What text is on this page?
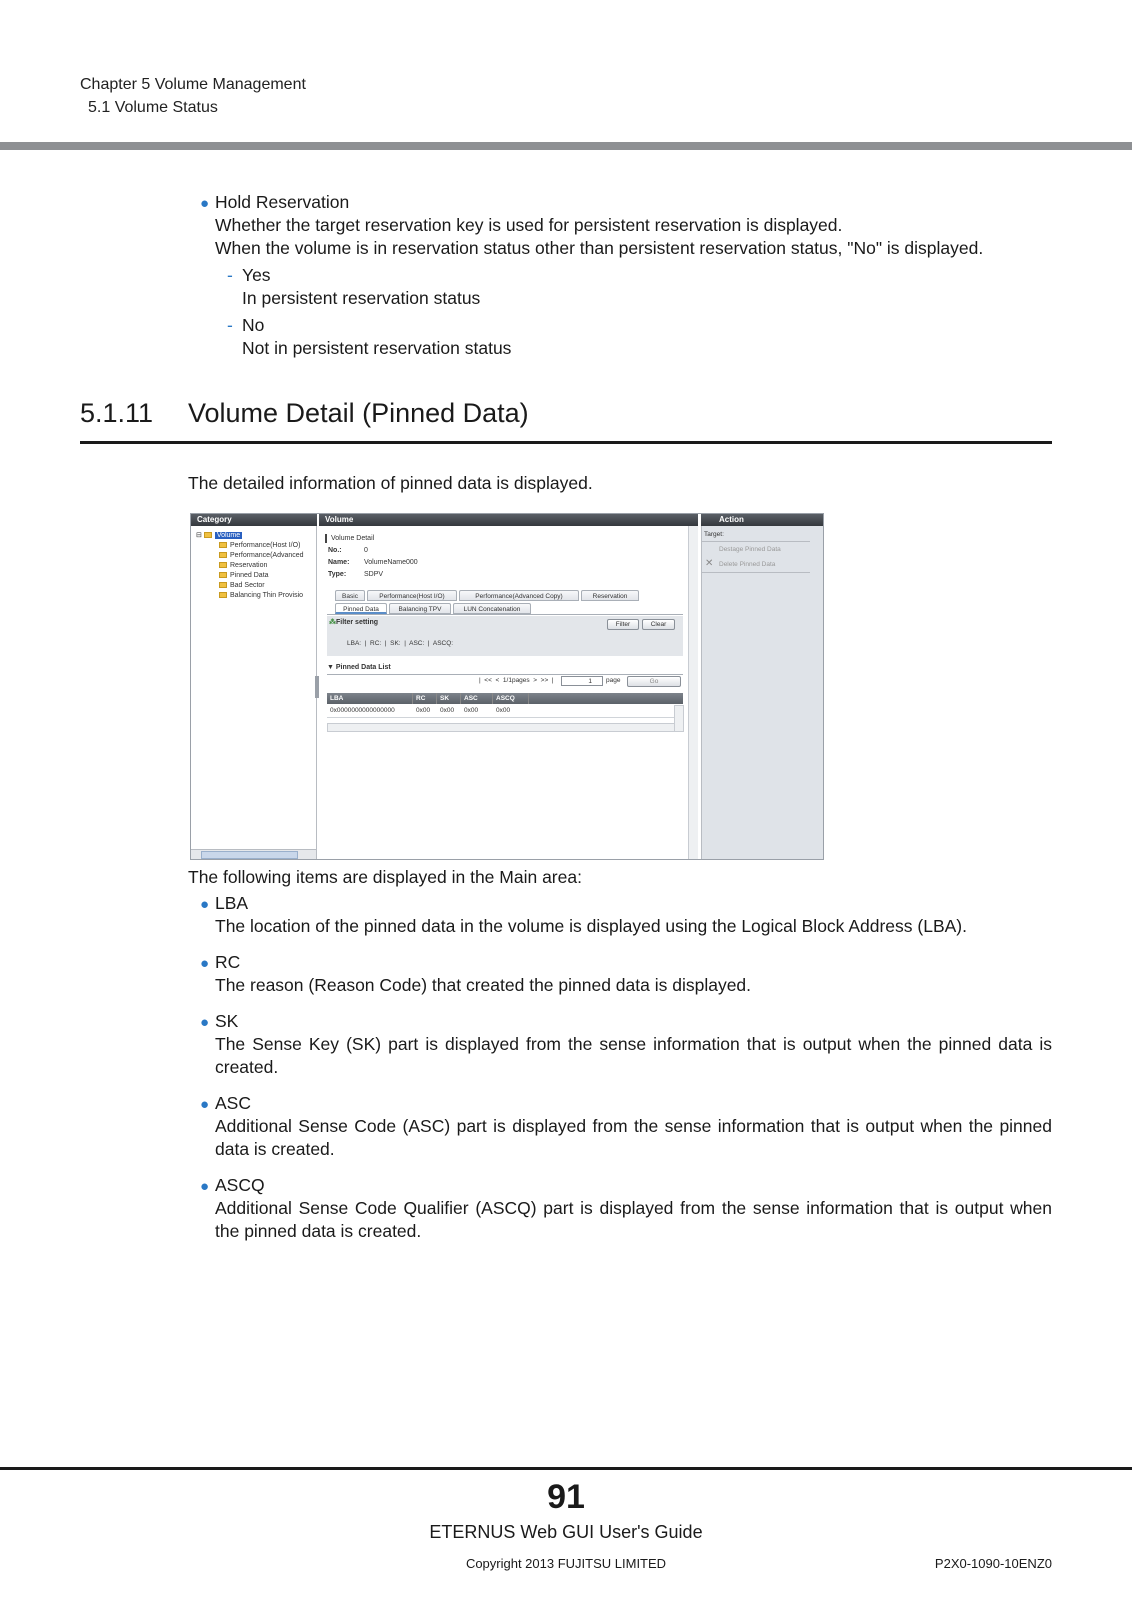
Chapter 5 Volume Management
5.1 Volume Status
● Hold Reservation
Whether the target reservation key is used for persistent reservation is displayed.
When the volume is in reservation status other than persistent reservation status, "No" is displayed.
- Yes
In persistent reservation status
- No
Not in persistent reservation status
5.1.11 Volume Detail (Pinned Data)
The detailed information of pinned data is displayed.
Category	Volume	Action
⊟ Volume
Performance(Host I/O)
Performance(Advanced
Reservation
Pinned Data
Bad Sector
Balancing Thin Provisio
Volume Detail
No.:	0
Name: VolumeName000
Type:	SDPV
Basic	Performance(Host I/O)	Performance(Advanced Copy)	Reservation
Pinned Data	Balancing TPV	LUN Concatenation
⁂Filter setting	Filter	Clear
LBA:  |  RC:  |  SK:  |  ASC:  |  ASCQ:
▼ Pinned Data List
|  <<  <  1/1pages  >  >>  |	1	page	Go
LBA	RC	SK	ASC	ASCQ
0x0000000000000000	0x00	0x00	0x00	0x00
Target:
Destage Pinned Data
✕ Delete Pinned Data
The following items are displayed in the Main area:
● LBA
The location of the pinned data in the volume is displayed using the Logical Block Address (LBA).
● RC
The reason (Reason Code) that created the pinned data is displayed.
● SK
The Sense Key (SK) part is displayed from the sense information that is output when the pinned data is created.
● ASC
Additional Sense Code (ASC) part is displayed from the sense information that is output when the pinned data is created.
● ASCQ
Additional Sense Code Qualifier (ASCQ) part is displayed from the sense information that is output when the pinned data is created.
91
ETERNUS Web GUI User's Guide
Copyright 2013 FUJITSU LIMITED	P2X0-1090-10ENZ0
